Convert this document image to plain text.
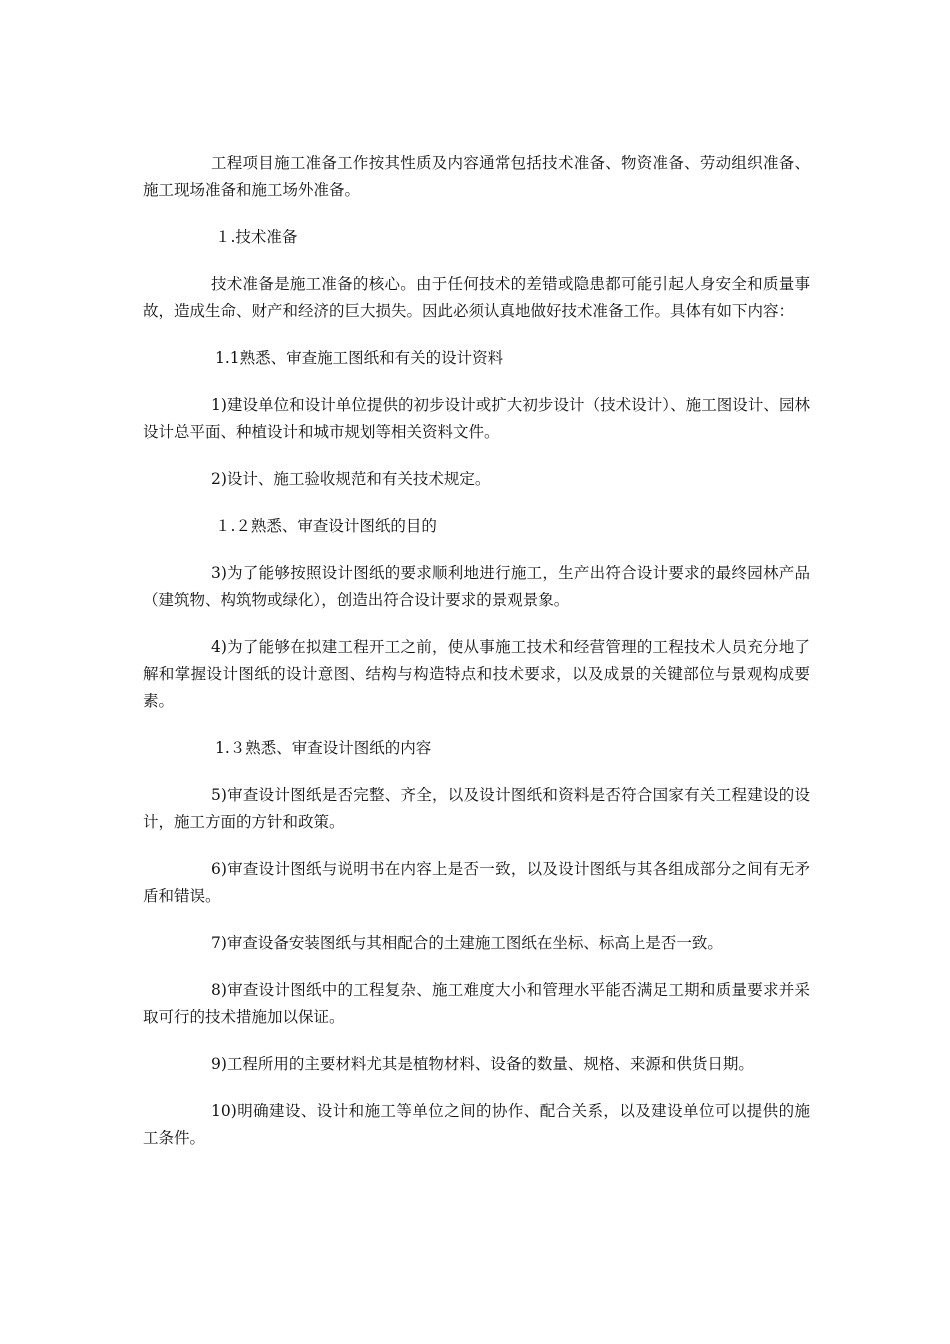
工程项目施工准备工作按其性质及内容通常包括技术准备、物资准备、劳动组织准备、施工现场准备和施工场外准备。

１.技术准备

技术准备是施工准备的核心。由于任何技术的差错或隐患都可能引起人身安全和质量事故，造成生命、财产和经济的巨大损失。因此必须认真地做好技术准备工作。具体有如下内容：

1.1熟悉、审查施工图纸和有关的设计资料

1)建设单位和设计单位提供的初步设计或扩大初步设计（技术设计）、施工图设计、园林设计总平面、种植设计和城市规划等相关资料文件。

2)设计、施工验收规范和有关技术规定。

１.２熟悉、审查设计图纸的目的

3)为了能够按照设计图纸的要求顺利地进行施工，生产出符合设计要求的最终园林产品（建筑物、构筑物或绿化），创造出符合设计要求的景观景象。

4)为了能够在拟建工程开工之前，使从事施工技术和经营管理的工程技术人员充分地了解和掌握设计图纸的设计意图、结构与构造特点和技术要求，以及成景的关键部位与景观构成要素。

1.３熟悉、审查设计图纸的内容

5)审查设计图纸是否完整、齐全，以及设计图纸和资料是否符合国家有关工程建设的设计，施工方面的方针和政策。

6)审查设计图纸与说明书在内容上是否一致，以及设计图纸与其各组成部分之间有无矛盾和错误。

7)审查设备安装图纸与其相配合的土建施工图纸在坐标、标高上是否一致。

8)审查设计图纸中的工程复杂、施工难度大小和管理水平能否满足工期和质量要求并采取可行的技术措施加以保证。

9)工程所用的主要材料尤其是植物材料、设备的数量、规格、来源和供货日期。

10)明确建设、设计和施工等单位之间的协作、配合关系，以及建设单位可以提供的施工条件。
